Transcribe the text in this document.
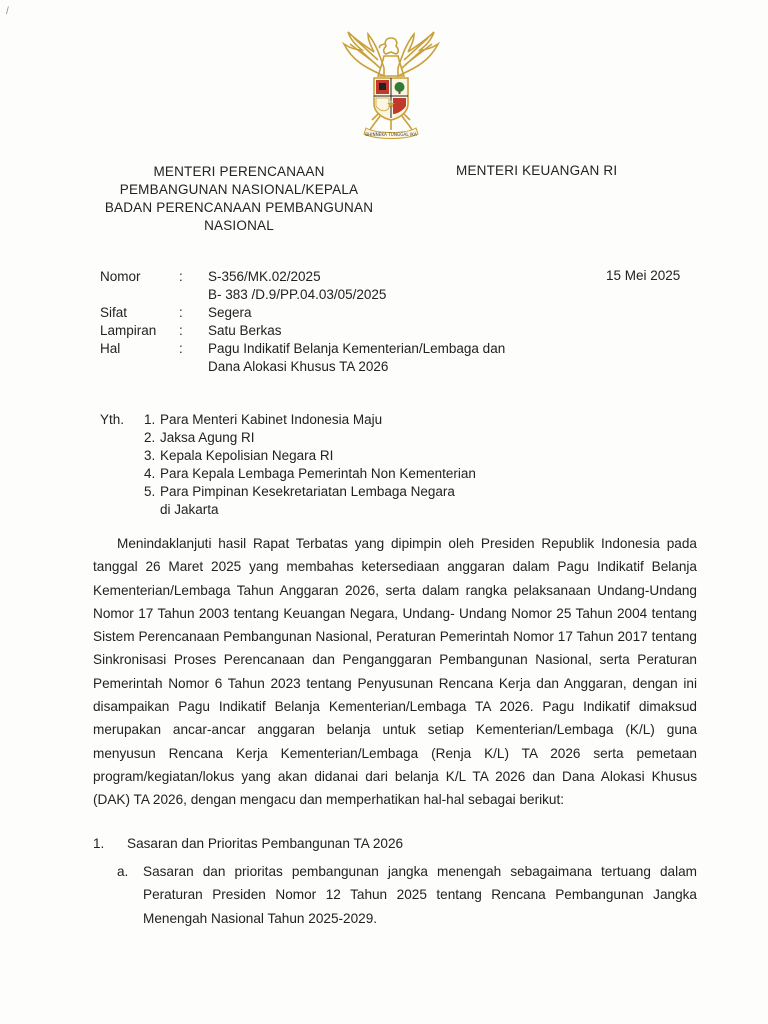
/
BHINNEKA TUNGGAL IKA
MENTERI PERENCANAAN
PEMBANGUNAN NASIONAL/KEPALA
BADAN PERENCANAAN PEMBANGUNAN
NASIONAL
MENTERI KEUANGAN RI
Nomor	:	S-356/MK.02/2025
B- 383 /D.9/PP.04.03/05/2025
Sifat	:	Segera
Lampiran	:	Satu Berkas
Hal	:	Pagu Indikatif Belanja Kementerian/Lembaga dan
Dana Alokasi Khusus TA 2026
15 Mei 2025
Yth. 1. Para Menteri Kabinet Indonesia Maju
2. Jaksa Agung RI
3. Kepala Kepolisian Negara RI
4. Para Kepala Lembaga Pemerintah Non Kementerian
5. Para Pimpinan Kesekretariatan Lembaga Negara
di Jakarta
Menindaklanjuti hasil Rapat Terbatas yang dipimpin oleh Presiden Republik Indonesia pada tanggal 26 Maret 2025 yang membahas ketersediaan anggaran dalam Pagu Indikatif Belanja Kementerian/Lembaga Tahun Anggaran 2026, serta dalam rangka pelaksanaan Undang-Undang Nomor 17 Tahun 2003 tentang Keuangan Negara, Undang- Undang Nomor 25 Tahun 2004 tentang Sistem Perencanaan Pembangunan Nasional, Peraturan Pemerintah Nomor 17 Tahun 2017 tentang Sinkronisasi Proses Perencanaan dan Penganggaran Pembangunan Nasional, serta Peraturan Pemerintah Nomor 6 Tahun 2023 tentang Penyusunan Rencana Kerja dan Anggaran, dengan ini disampaikan Pagu Indikatif Belanja Kementerian/Lembaga TA 2026. Pagu Indikatif dimaksud merupakan ancar-ancar anggaran belanja untuk setiap Kementerian/Lembaga (K/L) guna menyusun Rencana Kerja Kementerian/Lembaga (Renja K/L) TA 2026 serta pemetaan program/kegiatan/lokus yang akan didanai dari belanja K/L TA 2026 dan Dana Alokasi Khusus (DAK) TA 2026, dengan mengacu dan memperhatikan hal-hal sebagai berikut:
1.	Sasaran dan Prioritas Pembangunan TA 2026
a. Sasaran dan prioritas pembangunan jangka menengah sebagaimana tertuang dalam Peraturan Presiden Nomor 12 Tahun 2025 tentang Rencana Pembangunan Jangka Menengah Nasional Tahun 2025-2029.
